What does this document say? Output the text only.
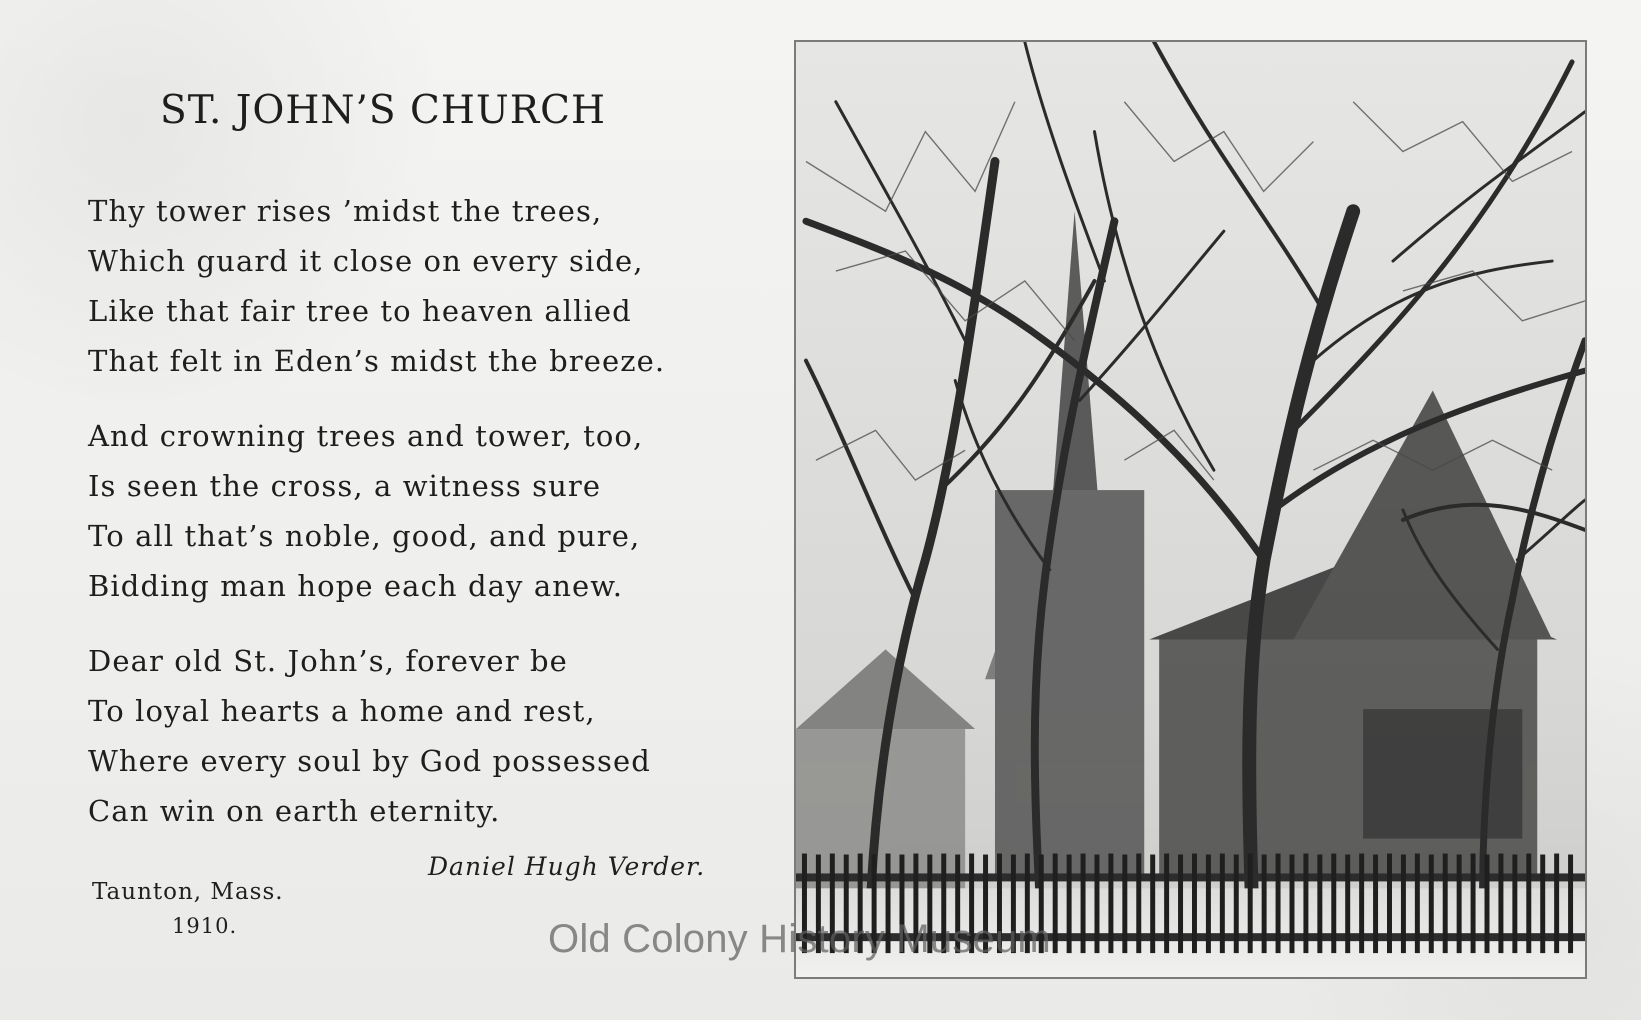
ST. JOHN’S CHURCH
Thy tower rises ’midst the trees,
Which guard it close on every side,
Like that fair tree to heaven allied
That felt in Eden’s midst the breeze.
And crowning trees and tower, too,
Is seen the cross, a witness sure
To all that’s noble, good, and pure,
Bidding man hope each day anew.
Dear old St. John’s, forever be
To loyal hearts a home and rest,
Where every soul by God possessed
Can win on earth eternity.
Daniel Hugh Verder.
Taunton, Mass.
1910.	Old Colony History Museum
